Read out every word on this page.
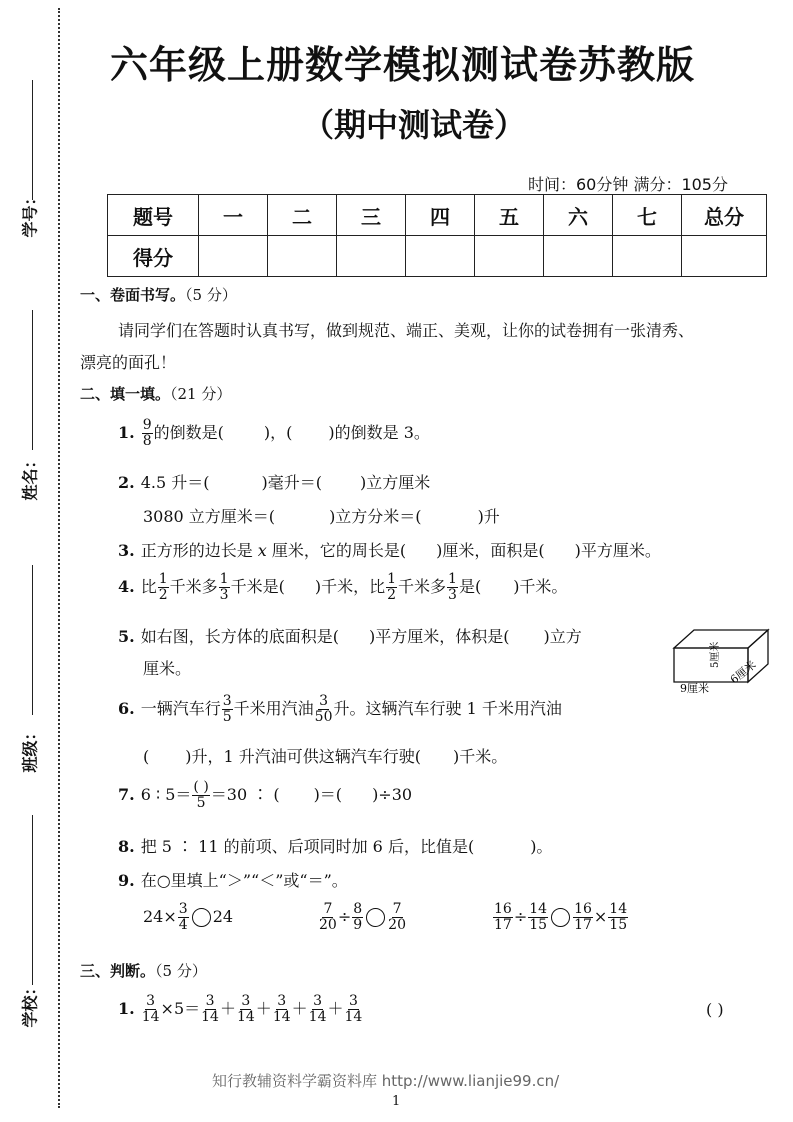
学号：
姓名：
班级：
学校：
六年级上册数学模拟测试卷苏教版
（期中测试卷）
时间：60分钟 满分：105分
题号	一	二	三	四	五	六	七	总分
得分								
一、卷面书写。（5 分）
请同学们在答题时认真书写，做到规范、端正、美观，让你的试卷拥有一张清秀、
漂亮的面孔！
二、填一填。（21 分）
1. $\frac{9}{8}$ 的倒数是(	)，( )的倒数是 3。
2. 4.5 升＝(	)毫升＝( )立方厘米
3080 立方厘米＝(	)立方分米＝(	)升
3. 正方形的边长是 x 厘米，它的周长是( )厘米，面积是( )平方厘米。
4. 比 $\frac{1}{2}$ 千米多 $\frac{1}{3}$ 千米是( )千米，比 $\frac{1}{2}$ 千米多 $\frac{1}{3}$ 是( )千米。
5. 如右图，长方体的底面积是( )平方厘米，体积是( )立方
厘米。
9厘米
6厘米
5厘米
6. 一辆汽车行 $\frac{3}{5}$ 千米用汽油 $\frac{3}{50}$ 升。这辆汽车行驶 1 千米用汽油
( )升，1 升汽油可供这辆汽车行驶( )千米。
7. 6 ∶ $5= \frac{( )}{5} =30$ ∶ ( )＝( )÷30
8. 把 5 ∶ 11 的前项、后项同时加 6 后，比值是(	)。
9. 在○里填上“＞”“＜”或“＝”。
$24\times \frac{3}{4} 24$	$\frac{7}{20} \div \frac{8}{9} \frac{7}{20}$	$\frac{16}{17} \div \frac{14}{15} \frac{16}{17} \times \frac{14}{15}$
三、判断。（5 分）
1. $\frac{3}{14} \times 5= \frac{3}{14} + \frac{3}{14} + \frac{3}{14} + \frac{3}{14} + \frac{3}{14}$	( )
知行教辅资料学霸资料库 http://www.lianjie99.cn/
1
